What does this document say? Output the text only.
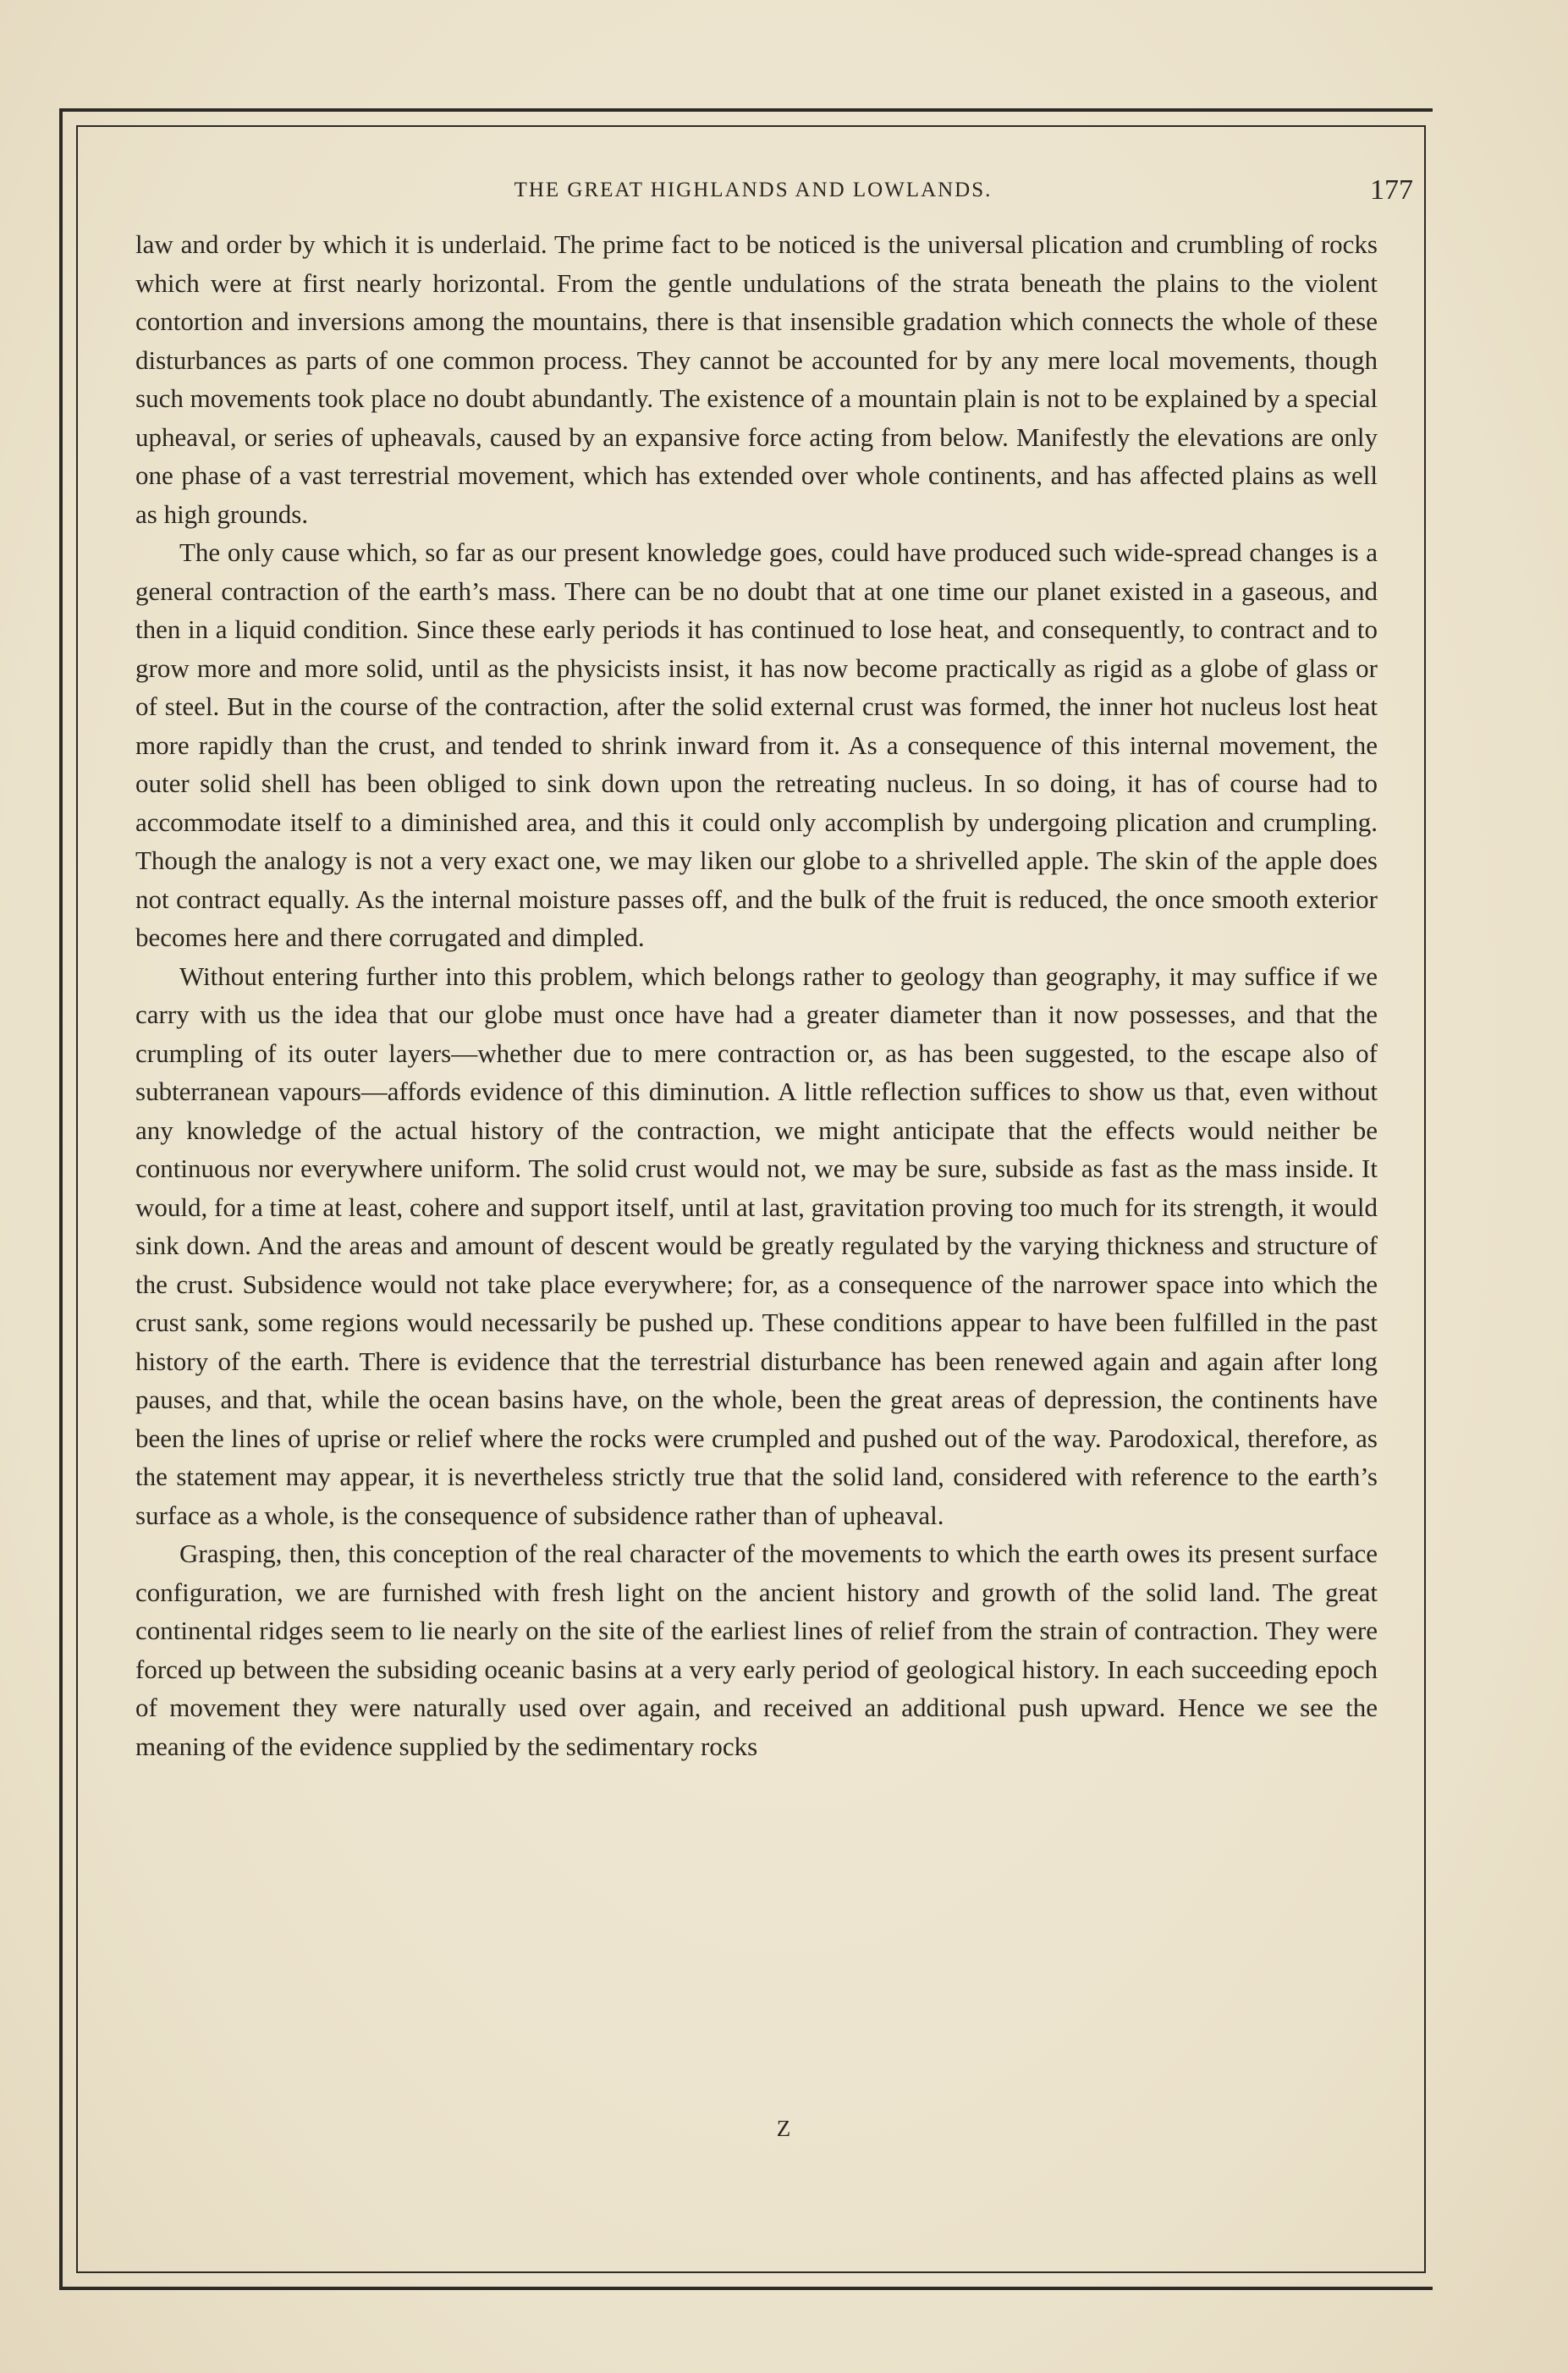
THE GREAT HIGHLANDS AND LOWLANDS.	177

law and order by which it is underlaid. The prime fact to be noticed is the universal plication and crumbling of rocks which were at first nearly horizontal. From the gentle undulations of the strata beneath the plains to the violent contortion and inversions among the mountains, there is that insensible gradation which connects the whole of these disturbances as parts of one common process. They cannot be accounted for by any mere local movements, though such movements took place no doubt abundantly. The existence of a mountain plain is not to be explained by a special upheaval, or series of upheavals, caused by an expansive force acting from below. Manifestly the elevations are only one phase of a vast terrestrial movement, which has extended over whole continents, and has affected plains as well as high grounds.

The only cause which, so far as our present knowledge goes, could have produced such wide-spread changes is a general contraction of the earth’s mass. There can be no doubt that at one time our planet existed in a gaseous, and then in a liquid condition. Since these early periods it has continued to lose heat, and consequently, to contract and to grow more and more solid, until as the physicists insist, it has now become practically as rigid as a globe of glass or of steel. But in the course of the contraction, after the solid external crust was formed, the inner hot nucleus lost heat more rapidly than the crust, and tended to shrink inward from it. As a consequence of this internal movement, the outer solid shell has been obliged to sink down upon the retreating nucleus. In so doing, it has of course had to accommodate itself to a diminished area, and this it could only accomplish by undergoing plication and crumpling. Though the analogy is not a very exact one, we may liken our globe to a shrivelled apple. The skin of the apple does not contract equally. As the internal moisture passes off, and the bulk of the fruit is reduced, the once smooth exterior becomes here and there corrugated and dimpled.

Without entering further into this problem, which belongs rather to geology than geography, it may suffice if we carry with us the idea that our globe must once have had a greater diameter than it now possesses, and that the crumpling of its outer layers—whether due to mere contraction or, as has been suggested, to the escape also of subterranean vapours—affords evidence of this diminution. A little reflection suffices to show us that, even without any knowledge of the actual history of the contraction, we might anticipate that the effects would neither be continuous nor everywhere uniform. The solid crust would not, we may be sure, subside as fast as the mass inside. It would, for a time at least, cohere and support itself, until at last, gravitation proving too much for its strength, it would sink down. And the areas and amount of descent would be greatly regulated by the varying thickness and structure of the crust. Subsidence would not take place everywhere; for, as a consequence of the narrower space into which the crust sank, some regions would necessarily be pushed up. These conditions appear to have been fulfilled in the past history of the earth. There is evidence that the terrestrial disturbance has been renewed again and again after long pauses, and that, while the ocean basins have, on the whole, been the great areas of depression, the continents have been the lines of uprise or relief where the rocks were crumpled and pushed out of the way. Parodoxical, therefore, as the statement may appear, it is nevertheless strictly true that the solid land, considered with reference to the earth’s surface as a whole, is the consequence of subsidence rather than of upheaval.

Grasping, then, this conception of the real character of the movements to which the earth owes its present surface configuration, we are furnished with fresh light on the ancient history and growth of the solid land. The great continental ridges seem to lie nearly on the site of the earliest lines of relief from the strain of contraction. They were forced up between the subsiding oceanic basins at a very early period of geological history. In each succeeding epoch of movement they were naturally used over again, and received an additional push upward. Hence we see the meaning of the evidence supplied by the sedimentary rocks

Z
